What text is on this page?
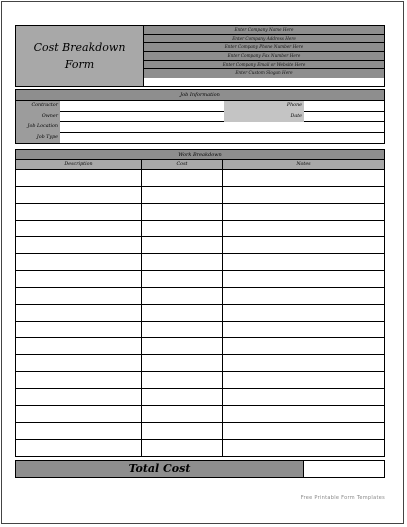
Cost Breakdown
Form
Enter Company Name Here
Enter Company Address Here
Enter Company Phone Number Here
Enter Company Fax Number Here
Enter Company Email or Website Here
Enter Custom Slogan Here
Job Information
Contractor
Owner
Job Location
Job Type
Phone
Date
Work Breakdown
Description	Cost	Notes
Total Cost
Free Printable Form Templates
